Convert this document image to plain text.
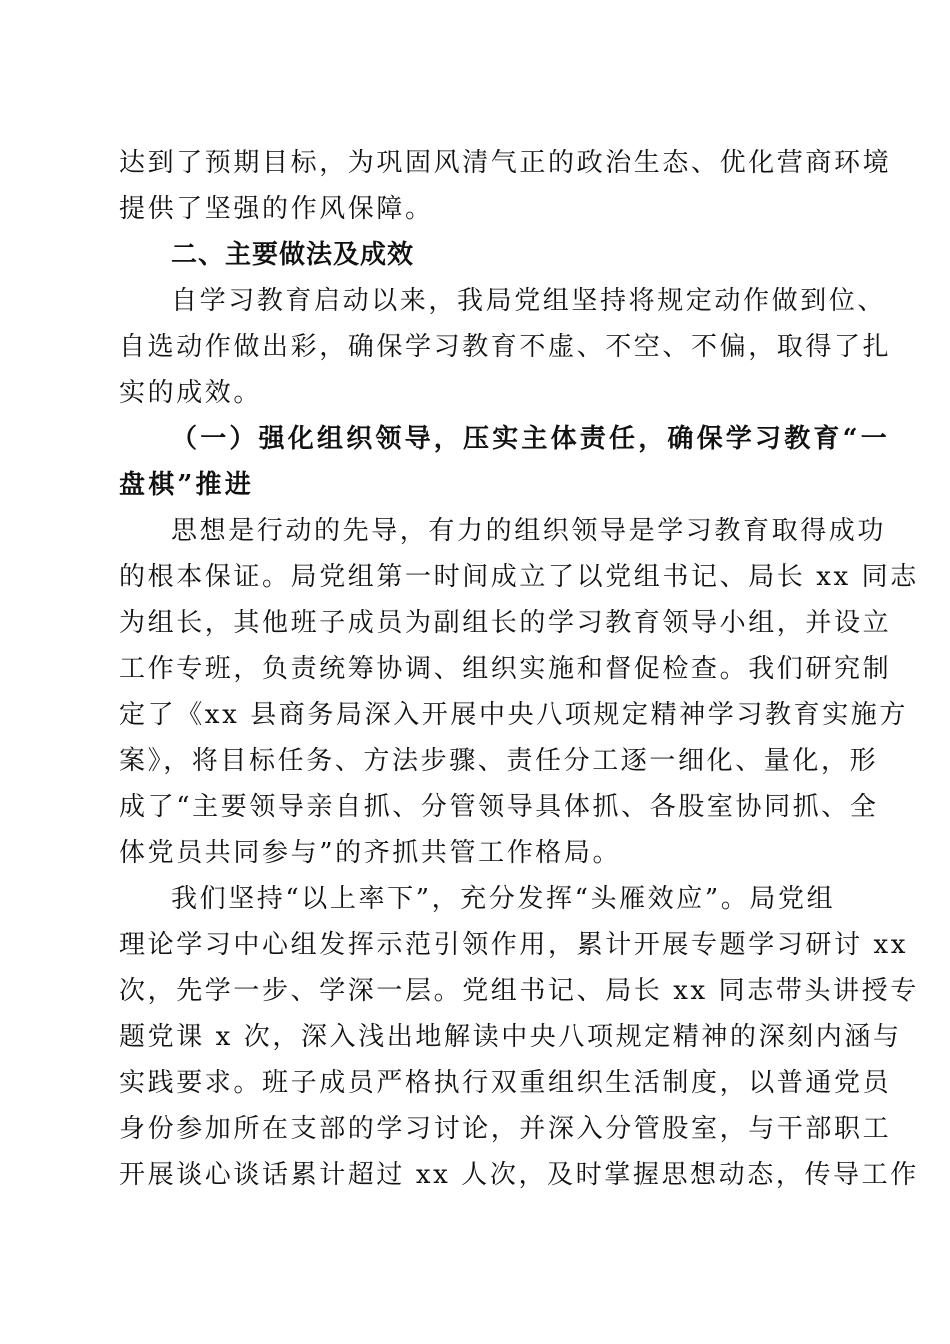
达到了预期目标，为巩固风清气正的政治生态、优化营商环境
提供了坚强的作风保障。
二、主要做法及成效
自学习教育启动以来，我局党组坚持将规定动作做到位、
自选动作做出彩，确保学习教育不虚、不空、不偏，取得了扎
实的成效。
（一）强化组织领导，压实主体责任，确保学习教育“一
盘棋”推进
思想是行动的先导，有力的组织领导是学习教育取得成功
的根本保证。局党组第一时间成立了以党组书记、局长 xx 同志
为组长，其他班子成员为副组长的学习教育领导小组，并设立
工作专班，负责统筹协调、组织实施和督促检查。我们研究制
定了《xx 县商务局深入开展中央八项规定精神学习教育实施方
案》，将目标任务、方法步骤、责任分工逐一细化、量化，形
成了“主要领导亲自抓、分管领导具体抓、各股室协同抓、全
体党员共同参与”的齐抓共管工作格局。
我们坚持“以上率下”，充分发挥“头雁效应”。局党组
理论学习中心组发挥示范引领作用，累计开展专题学习研讨 xx
次，先学一步、学深一层。党组书记、局长 xx 同志带头讲授专
题党课 x 次，深入浅出地解读中央八项规定精神的深刻内涵与
实践要求。班子成员严格执行双重组织生活制度，以普通党员
身份参加所在支部的学习讨论，并深入分管股室，与干部职工
开展谈心谈话累计超过 xx 人次，及时掌握思想动态，传导工作
